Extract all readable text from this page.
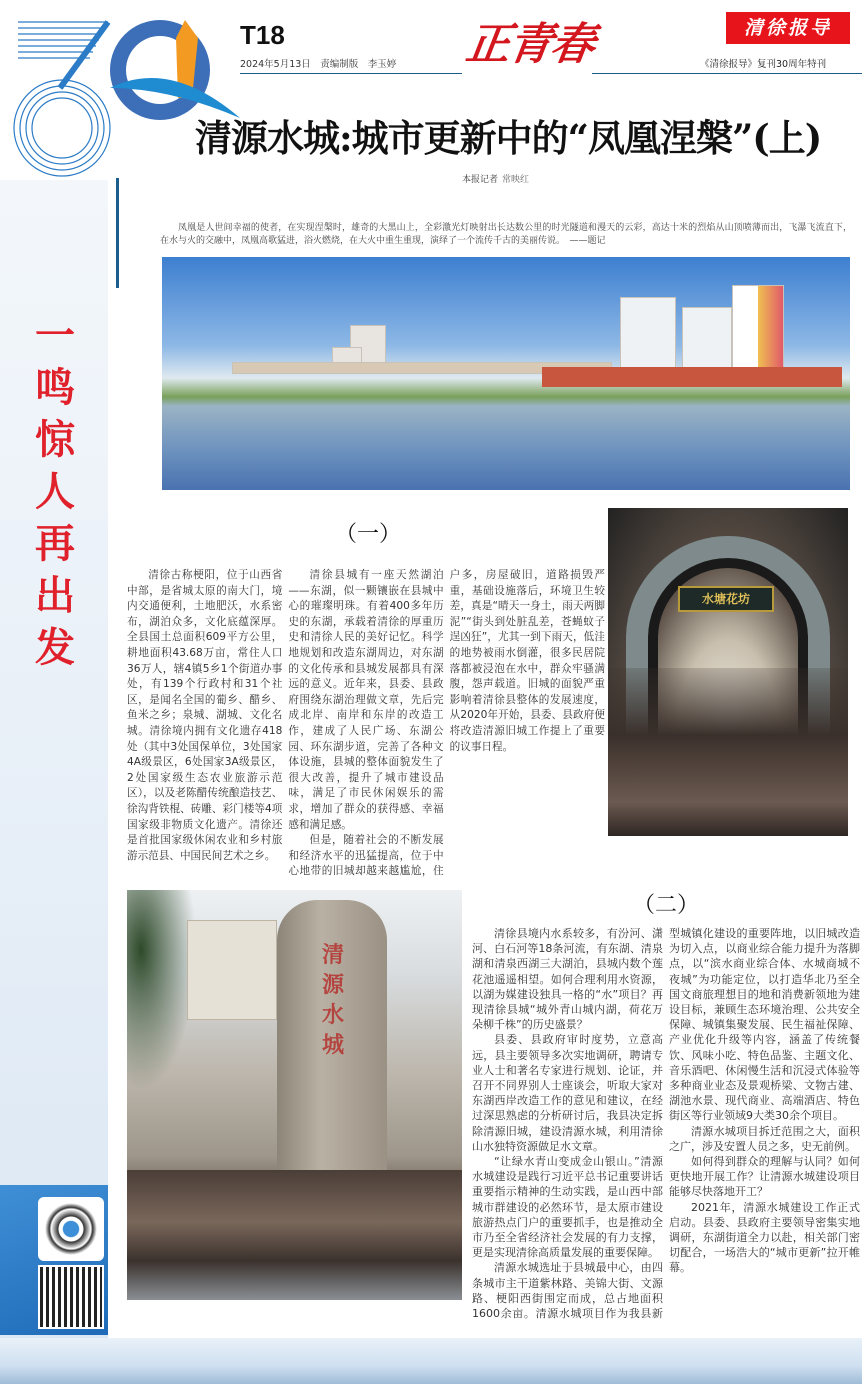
一鸣惊人再出发
T18
2024年5月13日　责编制版　李玉婷 正青春	清徐报导
《清徐报导》复刊30周年特刊
清源水城:城市更新中的“凤凰涅槃”(上)
本报记者 常映红

凤凰是人世间幸福的使者，在实现涅槃时，雄奇的大黑山上，全彩激光灯映射出长达数公里的时光隧道和漫天的云彩，高达十米的烈焰从山顶喷薄而出，飞瀑飞流直下，在水与火的交融中，凤凰高歌猛进，浴火燃烧，在大火中重生重现，演绎了一个流传千古的美丽传说。　——题记

（一）
水塘花坊

清徐古称梗阳，位于山西省中部，是省城太原的南大门，境内交通便利，土地肥沃，水系密布，湖泊众多，文化底蕴深厚。全县国土总面积609平方公里，耕地面积43.68万亩，常住人口36万人，辖4镇5乡1个街道办事处，有139个行政村和31个社区，是闻名全国的葡乡、醋乡、鱼米之乡；泉城、湖城、文化名城。清徐境内拥有文化遗存418处（其中3处国保单位，3处国家4A级景区，6处国家3A级景区，2处国家级生态农业旅游示范区），以及老陈醋传统酿造技艺、徐沟背铁棍、砖雕、彩门楼等4项国家级非物质文化遗产。清徐还是首批国家级休闲农业和乡村旅游示范县、中国民间艺术之乡。

清徐县城有一座天然湖泊——东湖，似一颗镶嵌在县城中心的璀璨明珠。有着400多年历史的东湖，承载着清徐的厚重历史和清徐人民的美好记忆。科学地规划和改造东湖周边，对东湖的文化传承和县城发展都具有深远的意义。近年来，县委、县政府围绕东湖治理做文章，先后完成北岸、南岸和东岸的改造工作，建成了人民广场、东湖公园、环东湖步道，完善了各种文体设施，县城的整体面貌发生了很大改善，提升了城市建设品味，满足了市民休闲娱乐的需求，增加了群众的获得感、幸福感和满足感。

但是，随着社会的不断发展和经济水平的迅猛提高，位于中心地带的旧城却越来越尴尬，住户多，房屋破旧，道路损毁严重，基础设施落后，环境卫生较差，真是“晴天一身土，雨天两脚泥”“街头到处脏乱差，苍蝇蚊子逞凶狂”，尤其一到下雨天，低洼的地势被雨水倒灌，很多民居院落都被浸泡在水中，群众牢骚满腹，怨声载道。旧城的面貌严重影响着清徐县整体的发展速度，从2020年开始，县委、县政府便将改造清源旧城工作提上了重要的议事日程。

清源水城
（二）

清徐县境内水系较多，有汾河、潇河、白石河等18条河流，有东湖、清泉湖和清泉西湖三大湖泊，县城内数个莲花池遥遥相望。如何合理利用水资源，以湖为媒建设独具一格的“水”项目？再现清徐县城“城外青山城内湖，荷花万朵柳千株”的历史盛景？

县委、县政府审时度势，立意高远，县主要领导多次实地调研，聘请专业人士和著名专家进行规划、论证，并召开不同界别人士座谈会，听取大家对东湖西岸改造工作的意见和建议，在经过深思熟虑的分析研讨后，我县决定拆除清源旧城，建设清源水城，利用清徐山水独特资源做足水文章。

“让绿水青山变成金山银山。”清源水城建设是践行习近平总书记重要讲话重要指示精神的生动实践，是山西中部城市群建设的必然环节，是太原市建设旅游热点门户的重要抓手，也是推动全市乃至全省经济社会发展的有力支撑，更是实现清徐高质量发展的重要保障。

清源水城选址于县城最中心，由四条城市主干道紫林路、美锦大街、文源路、梗阳西街围定而成，总占地面积1600余亩。清源水城项目作为我县新型城镇化建设的重要阵地，以旧城改造为切入点，以商业综合能力提升为落脚点，以“滨水商业综合体、水城商城不夜城”为功能定位，以打造华北乃至全国文商旅理想目的地和消费新领地为建设目标，兼顾生态环境治理、公共安全保障、城镇集聚发展、民生福祉保障、产业优化升级等内容，涵盖了传统餐饮、风味小吃、特色品鉴、主题文化、音乐酒吧、休闲慢生活和沉浸式体验等多种商业业态及景观桥梁、文物古建、湖池水景、现代商业、高端酒店、特色街区等行业领域9大类30余个项目。

清源水城项目拆迁范围之大，面积之广，涉及安置人员之多，史无前例。

如何得到群众的理解与认同？如何更快地开展工作？让清源水城建设项目能够尽快落地开工？

2021年，清源水城建设工作正式启动。县委、县政府主要领导密集实地调研，东湖街道全力以赴，相关部门密切配合，一场浩大的“城市更新”拉开帷幕。
